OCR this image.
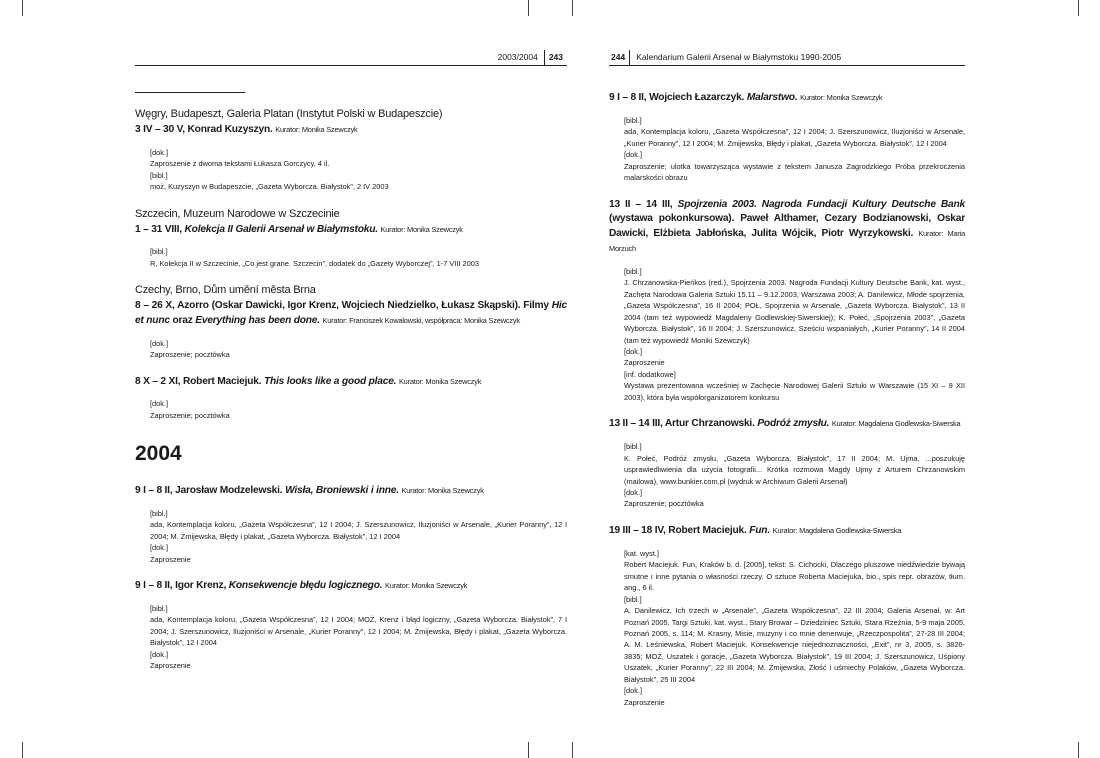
2003/2004	243
Węgry, Budapeszt, Galeria Platan (Instytut Polski w Budapeszcie)
3 IV – 30 V, Konrad Kuzyszyn. Kurator: Monika Szewczyk
[dok.]
Zaproszenie z dwoma tekstami Łukasza Gorczycy, 4 il.
[bibl.]
moż, Kuzyszyn w Budapeszcie, „Gazeta Wyborcza. Białystok”, 2 IV 2003
Szczecin, Muzeum Narodowe w Szczecinie
1 – 31 VIII, Kolekcja II Galerii Arsenał w Białymstoku. Kurator: Monika Szewczyk
[bibl.]
R, Kolekcja II w Szczecinie, „Co jest grane. Szczecin”, dodatek do „Gazety Wyborczej”, 1-7 VIII 2003
Czechy, Brno, Dům umění města Brna
8 – 26 X, Azorro (Oskar Dawicki, Igor Krenz, Wojciech Niedzielko, Łukasz Skąpski). Filmy Hic et nunc oraz Everything has been done. Kurator: Franciszek Kowalowski, współpraca: Monika Szewczyk
[dok.]
Zaproszenie; pocztówka
8 X – 2 XI, Robert Maciejuk. This looks like a good place. Kurator: Monika Szewczyk
[dok.]
Zaproszenie; pocztówka
2004
9 I – 8 II, Jarosław Modzelewski. Wisła, Broniewski i inne. Kurator: Monika Szewczyk
[bibl.]
ada, Kontemplacja koloru, „Gazeta Współczesna”, 12 I 2004; J. Szerszunowicz, Iluzjoniści w Arsenale, „Kurier Poranny”, 12 I 2004; M. Żmijewska, Błędy i plakat, „Gazeta Wyborcza. Białystok”, 12 I 2004
[dok.]
Zaproszenie
9 I – 8 II, Igor Krenz, Konsekwencje błędu logicznego. Kurator: Monika Szewczyk
[bibl.]
ada, Kontemplacja koloru, „Gazeta Współczesna”, 12 I 2004; MOŻ, Krenz i błąd logiczny, „Gazeta Wyborcza. Białystok”, 7 I 2004; J. Szerszunowicz, Iluzjoniści w Arsenale, „Kurier Poranny”, 12 I 2004; M. Żmijewska, Błędy i plakat, „Gazeta Wyborcza. Białystok”, 12 I 2004
[dok.]
Zaproszenie
244	Kalendarium Galerii Arsenał w Białymstoku 1990-2005
9 I – 8 II, Wojciech Łazarczyk. Malarstwo. Kurator: Monika Szewczyk
[bibl.]
ada, Kontemplacja koloru, „Gazeta Współczesna”, 12 I 2004; J. Szerszunowicz, Iluzjoniści w Arsenale, „Kurier Poranny”, 12 I 2004; M. Żmijewska, Błędy i plakat, „Gazeta Wyborcza. Białystok”, 12 I 2004
[dok.]
Zaproszenie; ulotka towarzysząca wystawie z tekstem Janusza Zagrodzkiego Próba przekroczenia malarskości obrazu
13 II – 14 III, Spojrzenia 2003. Nagroda Fundacji Kultury Deutsche Bank (wystawa pokonkursowa). Paweł Althamer, Cezary Bodzianowski, Oskar Dawicki, Elżbieta Jabłońska, Julita Wójcik, Piotr Wyrzykowski. Kurator: Maria Morzuch
[bibl.]
J. Chrzanowska-Pieńkos (red.), Spojrzenia 2003. Nagroda Fundacji Kultury Deutsche Bank, kat. wyst., Zachęta Narodowa Galeria Sztuki 15.11 – 9.12.2003, Warszawa 2003; A. Danilewicz, Młode spojrzenia, „Gazeta Współczesna”, 16 II 2004; POŁ, Spojrzenia w Arsenale, „Gazeta Wyborcza. Białystok”, 13 II 2004 (tam też wypowiedź Magdaleny Godlewskiej-Siwerskiej); K. Połeć, „Spojrzenia 2003”, „Gazeta Wyborcza. Białystok”, 16 II 2004; J. Szerszunowicz, Sześciu wspaniałych, „Kurier Poranny”, 14 II 2004 (tam też wypowiedź Moniki Szewczyk)
[dok.]
Zaproszenie
[inf. dodatkowe]
Wystawa prezentowana wcześniej w Zachęcie Narodowej Galerii Sztuki w Warszawie (15 XI – 9 XII 2003), która była współorganizatorem konkursu
13 II – 14 III, Artur Chrzanowski. Podróż zmysłu. Kurator: Magdalena Godlewska-Siwerska
[bibl.]
K. Połeć, Podróż zmysłu, „Gazeta Wyborcza. Białystok”, 17 II 2004; M. Ujma, ...poszukuję usprawiedliwienia dla użycia fotografii... Krótka rozmowa Magdy Ujmy z Arturem Chrzanowskim (mailowa), www.bunkier.com.pl (wydruk w Archiwum Galerii Arsenał)
[dok.]
Zaproszenie; pocztówka
19 III – 18 IV, Robert Maciejuk. Fun. Kurator: Magdalena Godlewska-Siwerska
[kat. wyst.]
Robert Maciejuk. Fun, Kraków b. d. [2005], tekst: S. Cichocki, Dlaczego pluszowe niedźwiedzie bywają smutne i inne pytania o własności rzeczy. O sztuce Roberta Maciejuka, bio., spis repr. obrazów, tłum. ang., 6 il.
[bibl.]
A. Danilewicz, Ich trzech w „Arsenale”, „Gazeta Współczesna”, 22 III 2004; Galeria Arsenał, w: Art Poznań 2005. Targi Sztuki, kat. wyst., Stary Browar – Dziedziniec Sztuki, Stara Rzeźnia, 5-9 maja 2005, Poznań 2005, s. 114; M. Krasny, Misie, muzyny i co mnie denerwuje, „Rzeczpospolita”, 27-28 III 2004; A. M. Leśniewska, Robert Maciejuk. Konsekwencje niejednoznaczności, „Exit”, nr 3, 2005, s. 3826-3835; MOŻ, Uszatek i goracje, „Gazeta Wyborcza. Białystok”, 19 III 2004; J. Szerszunowicz, Uśpiony Uszatek, „Kurier Poranny”, 22 III 2004; M. Żmijewska, Złość i uśmiechy Polaków, „Gazeta Wyborcza. Białystok”, 25 III 2004
[dok.]
Zaproszenie
